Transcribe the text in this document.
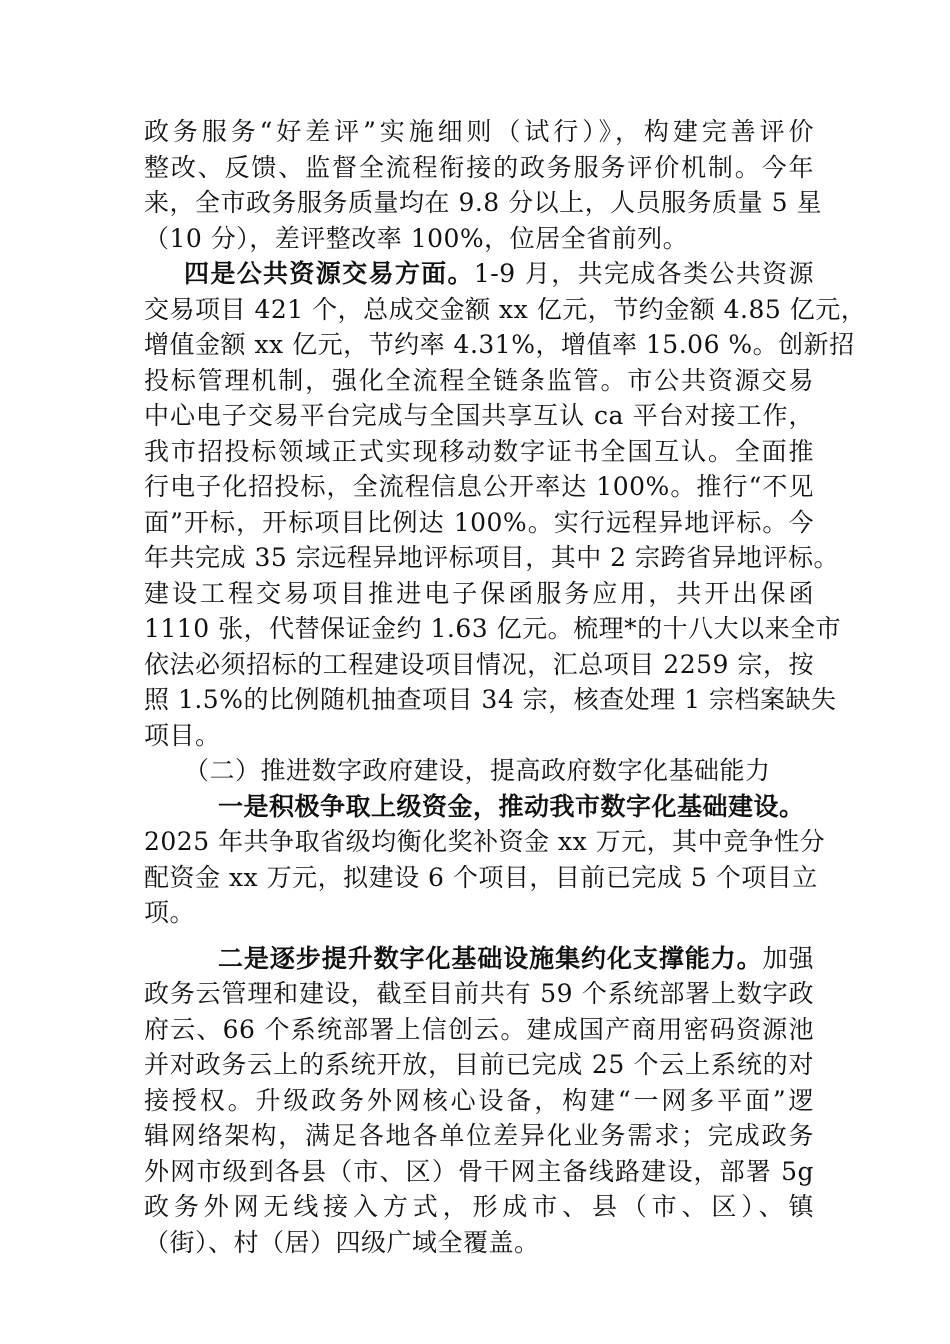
政务服务“好差评”实施细则（试行）》，构建完善评价
整改、反馈、监督全流程衔接的政务服务评价机制。今年
来，全市政务服务质量均在 9.8 分以上，人员服务质量 5 星
（10 分），差评整改率 100%，位居全省前列。
四是公共资源交易方面。1-9 月，共完成各类公共资源
交易项目 421 个，总成交金额 xx 亿元，节约金额 4.85 亿元，
增值金额 xx 亿元，节约率 4.31%，增值率 15.06 %。创新招
投标管理机制，强化全流程全链条监管。市公共资源交易
中心电子交易平台完成与全国共享互认 ca 平台对接工作，
我市招投标领域正式实现移动数字证书全国互认。全面推
行电子化招投标，全流程信息公开率达 100%。推行“不见
面”开标，开标项目比例达 100%。实行远程异地评标。今
年共完成 35 宗远程异地评标项目，其中 2 宗跨省异地评标。
建设工程交易项目推进电子保函服务应用，共开出保函
1110 张，代替保证金约 1.63 亿元。梳理*的十八大以来全市
依法必须招标的工程建设项目情况，汇总项目 2259 宗，按
照 1.5%的比例随机抽查项目 34 宗，核查处理 1 宗档案缺失
项目。
（二）推进数字政府建设，提高政府数字化基础能力
一是积极争取上级资金，推动我市数字化基础建设。
2025 年共争取省级均衡化奖补资金 xx 万元，其中竞争性分
配资金 xx 万元，拟建设 6 个项目，目前已完成 5 个项目立
项。
二是逐步提升数字化基础设施集约化支撑能力。加强
政务云管理和建设，截至目前共有 59 个系统部署上数字政
府云、66 个系统部署上信创云。建成国产商用密码资源池
并对政务云上的系统开放，目前已完成 25 个云上系统的对
接授权。升级政务外网核心设备，构建“一网多平面”逻
辑网络架构，满足各地各单位差异化业务需求；完成政务
外网市级到各县（市、区）骨干网主备线路建设，部署 5g
政务外网无线接入方式，形成市、县（市、区）、镇
（街）、村（居）四级广域全覆盖。
